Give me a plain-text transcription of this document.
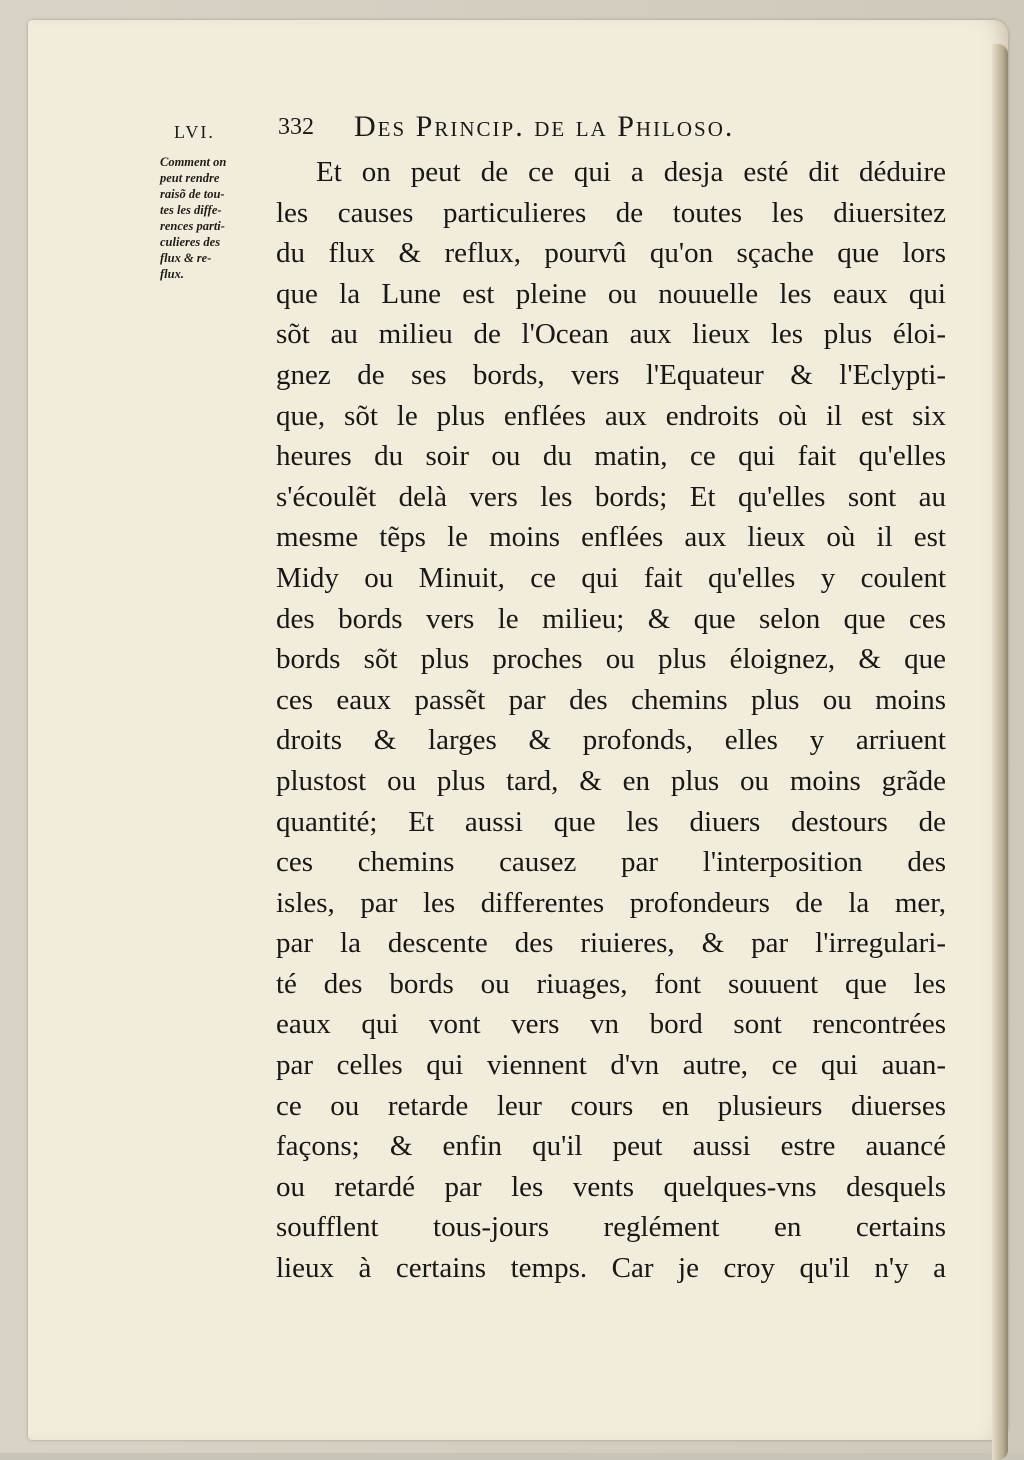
LVI.	332 Des Princip. de la Philoso.
Comment on
peut rendre
raisõ de tou-
tes les diffe-
rences parti-
culieres des
flux & re-
flux.
Et on peut de ce qui a desja esté dit déduire
les causes particulieres de toutes les diuersitez
du flux & reflux, pourvû qu'on sçache que lors
que la Lune est pleine ou nouuelle les eaux qui
sõt au milieu de l'Ocean aux lieux les plus éloi-
gnez de ses bords, vers l'Equateur & l'Eclypti-
que, sõt le plus enflées aux endroits où il est six
heures du soir ou du matin, ce qui fait qu'elles
s'écoulẽt delà vers les bords; Et qu'elles sont au
mesme tẽps le moins enflées aux lieux où il est
Midy ou Minuit, ce qui fait qu'elles y coulent
des bords vers le milieu; & que selon que ces
bords sõt plus proches ou plus éloignez, & que
ces eaux passẽt par des chemins plus ou moins
droits & larges & profonds, elles y arriuent
plustost ou plus tard, & en plus ou moins grãde
quantité; Et aussi que les diuers destours de
ces chemins causez par l'interposition des
isles, par les differentes profondeurs de la mer,
par la descente des riuieres, & par l'irregulari-
té des bords ou riuages, font souuent que les
eaux qui vont vers vn bord sont rencontrées
par celles qui viennent d'vn autre, ce qui auan-
ce ou retarde leur cours en plusieurs diuerses
façons; & enfin qu'il peut aussi estre auancé
ou retardé par les vents quelques-vns desquels
soufflent tous-jours reglément en certains
lieux à certains temps. Car je croy qu'il n'y a
